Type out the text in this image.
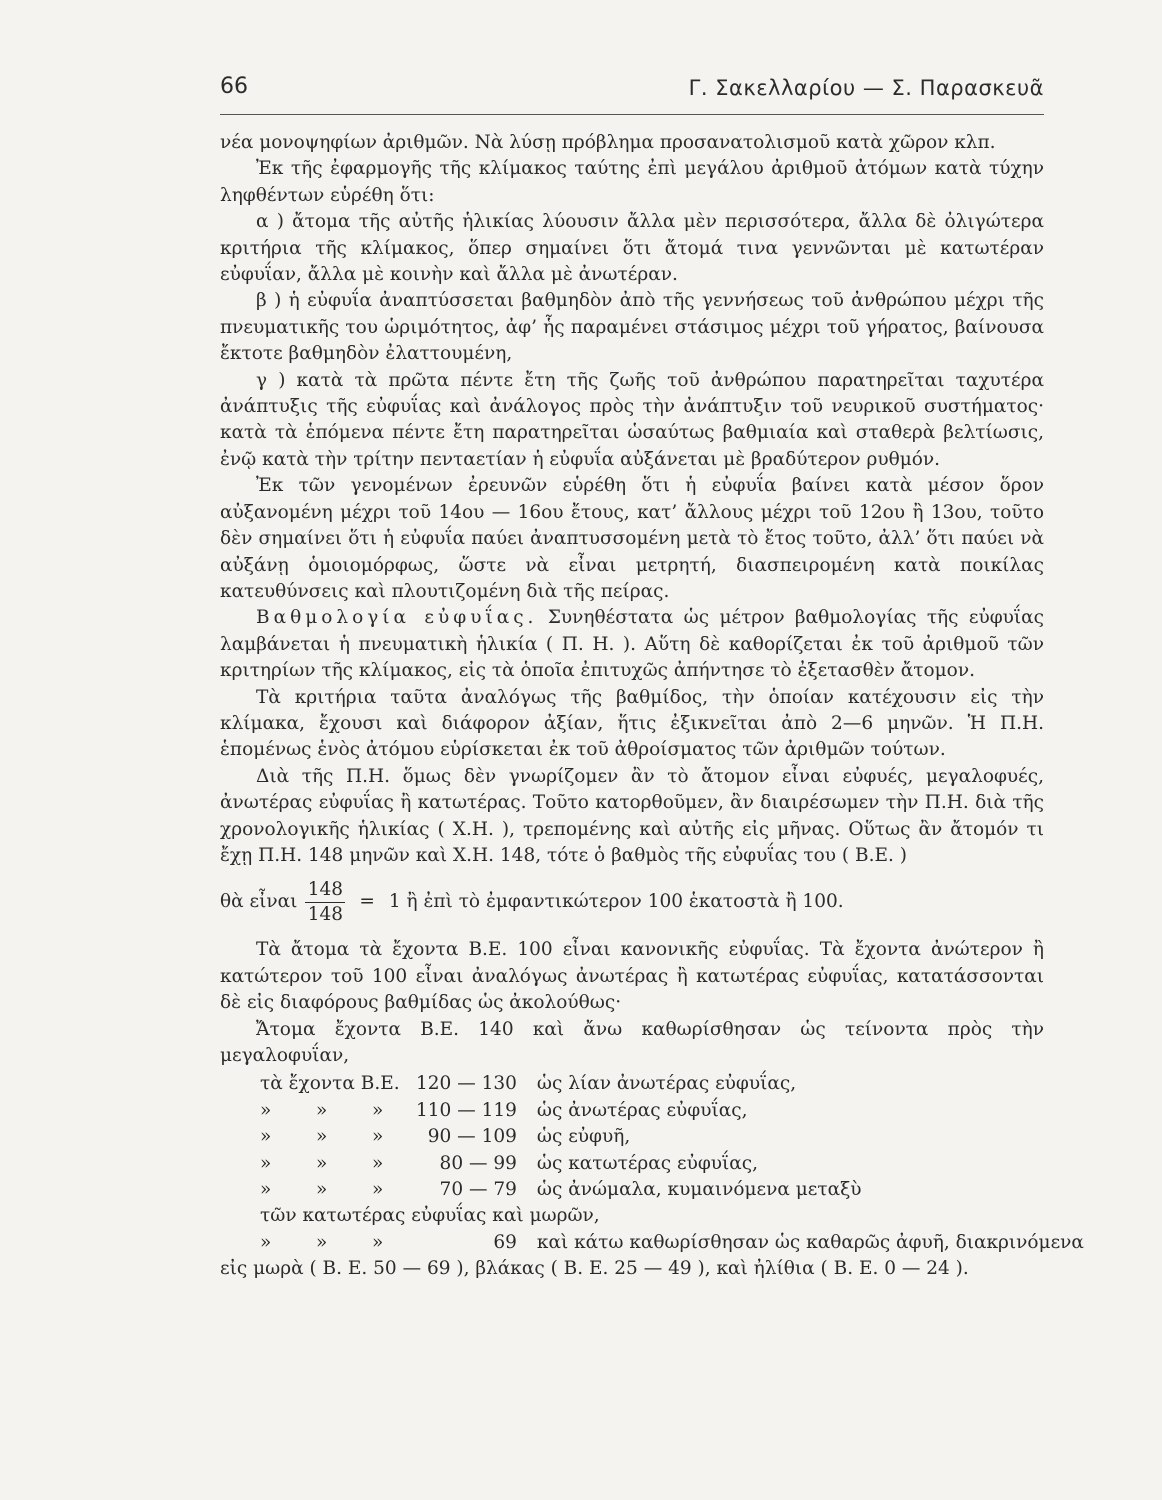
66	Γ. Σακελλαρίου — Σ. Παρασκευᾶ

νέα μονοψηφίων ἀριθμῶν. Νὰ λύσῃ πρόβλημα προσανατολισμοῦ κατὰ χῶρον κλπ.

Ἐκ τῆς ἐφαρμογῆς τῆς κλίμακος ταύτης ἐπὶ μεγάλου ἀριθμοῦ ἀτόμων κατὰ τύχην ληφθέντων εὑρέθη ὅτι:

α ) ἄτομα τῆς αὐτῆς ἡλικίας λύουσιν ἄλλα μὲν περισσότερα, ἄλλα δὲ ὀλιγώτερα κριτήρια τῆς κλίμακος, ὅπερ σημαίνει ὅτι ἄτομά τινα γεννῶνται μὲ κατωτέραν εὐφυΐαν, ἄλλα μὲ κοινὴν καὶ ἄλλα μὲ ἀνωτέραν.

β ) ἡ εὐφυΐα ἀναπτύσσεται βαθμηδὸν ἀπὸ τῆς γεννήσεως τοῦ ἀνθρώπου μέχρι τῆς πνευματικῆς του ὡριμότητος, ἀφ’ ἧς παραμένει στάσιμος μέχρι τοῦ γήρατος, βαίνουσα ἔκτοτε βαθμηδὸν ἐλαττουμένη,

γ ) κατὰ τὰ πρῶτα πέντε ἔτη τῆς ζωῆς τοῦ ἀνθρώπου παρατηρεῖται ταχυτέρα ἀνάπτυξις τῆς εὐφυΐας καὶ ἀνάλογος πρὸς τὴν ἀνάπτυξιν τοῦ νευρικοῦ συστήματος· κατὰ τὰ ἑπόμενα πέντε ἔτη παρατηρεῖται ὡσαύτως βαθμιαία καὶ σταθερὰ βελτίωσις, ἐνῷ κατὰ τὴν τρίτην πενταετίαν ἡ εὐφυΐα αὐξάνεται μὲ βραδύτερον ρυθμόν.

Ἐκ τῶν γενομένων ἐρευνῶν εὑρέθη ὅτι ἡ εὐφυΐα βαίνει κατὰ μέσον ὅρον αὐξανομένη μέχρι τοῦ 14ου — 16ου ἔτους, κατ’ ἄλλους μέχρι τοῦ 12ου ἢ 13ου, τοῦτο δὲν σημαίνει ὅτι ἡ εὐφυΐα παύει ἀναπτυσσομένη μετὰ τὸ ἔτος τοῦτο, ἀλλ’ ὅτι παύει νὰ αὐξάνῃ ὁμοιομόρφως, ὥστε νὰ εἶναι μετρητή, διασπειρομένη κατὰ ποικίλας κατευθύνσεις καὶ πλουτιζομένη διὰ τῆς πείρας.

Βαθμολογία εὐφυΐας. Συνηθέστατα ὡς μέτρον βαθμολογίας τῆς εὐφυΐας λαμβάνεται ἡ πνευματικὴ ἡλικία ( Π. Η. ). Αὕτη δὲ καθορίζεται ἐκ τοῦ ἀριθμοῦ τῶν κριτηρίων τῆς κλίμακος, εἰς τὰ ὁποῖα ἐπιτυχῶς ἀπήντησε τὸ ἐξετασθὲν ἄτομον.

Τὰ κριτήρια ταῦτα ἀναλόγως τῆς βαθμίδος, τὴν ὁποίαν κατέχουσιν εἰς τὴν κλίμακα, ἔχουσι καὶ διάφορον ἀξίαν, ἥτις ἐξικνεῖται ἀπὸ 2—6 μηνῶν. Ἡ Π.Η. ἑπομένως ἑνὸς ἀτόμου εὑρίσκεται ἐκ τοῦ ἀθροίσματος τῶν ἀριθμῶν τούτων.

Διὰ τῆς Π.Η. ὅμως δὲν γνωρίζομεν ἂν τὸ ἄτομον εἶναι εὐφυές, μεγαλοφυές, ἀνωτέρας εὐφυΐας ἢ κατωτέρας. Τοῦτο κατορθοῦμεν, ἂν διαιρέσωμεν τὴν Π.Η. διὰ τῆς χρονολογικῆς ἡλικίας ( Χ.Η. ), τρεπομένης καὶ αὐτῆς εἰς μῆνας. Οὕτως ἂν ἄτομόν τι ἔχῃ Π.Η. 148 μηνῶν καὶ Χ.Η. 148, τότε ὁ βαθμὸς τῆς εὐφυΐας του ( Β.Ε. )

θὰ εἶναι $\frac{148}{148} = 1$ ἢ ἐπὶ τὸ ἐμφαντικώτερον 100 ἑκατοστὰ ἢ 100.

Τὰ ἄτομα τὰ ἔχοντα Β.Ε. 100 εἶναι κανονικῆς εὐφυΐας. Τὰ ἔχοντα ἀνώτερον ἢ κατώτερον τοῦ 100 εἶναι ἀναλόγως ἀνωτέρας ἢ κατωτέρας εὐφυΐας, κατατάσσονται δὲ εἰς διαφόρους βαθμίδας ὡς ἀκολούθως·

Ἄτομα ἔχοντα Β.Ε. 140 καὶ ἄνω καθωρίσθησαν ὡς τείνοντα πρὸς τὴν μεγαλοφυΐαν,

τὰ ἔχοντα Β.Ε.	120 — 130	ὡς λίαν ἀνωτέρας εὐφυΐας,
» » »	110 — 119	ὡς ἀνωτέρας εὐφυΐας,
» » »	90 — 109	ὡς εὐφυῆ,
» » »	80 — 99	ὡς κατωτέρας εὐφυΐας,
» » »	70 — 79	ὡς ἀνώμαλα, κυμαινόμενα μεταξὺ
τῶν κατωτέρας εὐφυΐας καὶ μωρῶν,		
» » »	69	καὶ κάτω καθωρίσθησαν ὡς καθαρῶς ἀφυῆ, διακρινόμενα

εἰς μωρὰ ( Β. Ε. 50 — 69 ), βλάκας ( Β. Ε. 25 — 49 ), καὶ ἠλίθια ( Β. Ε. 0 — 24 ).
